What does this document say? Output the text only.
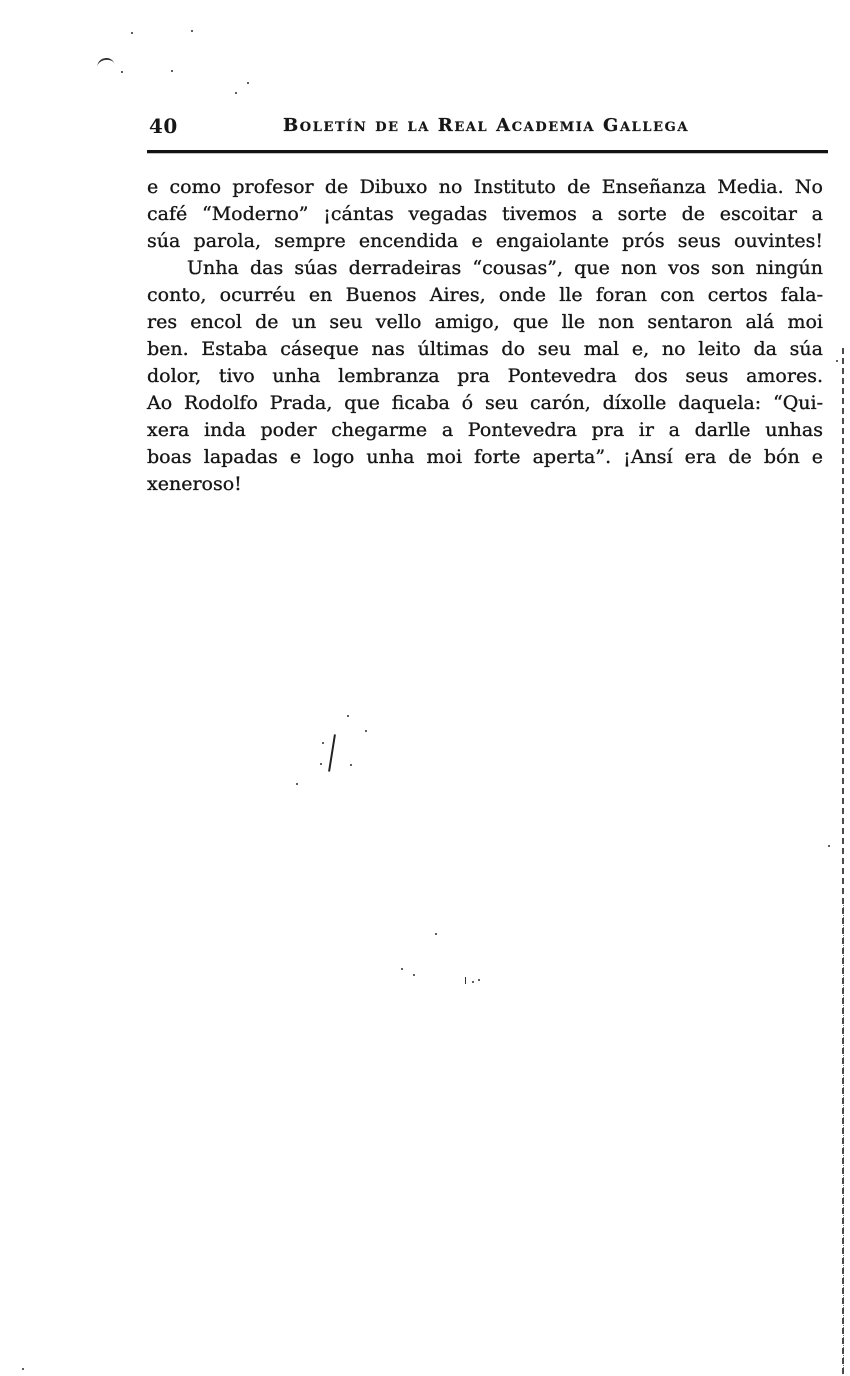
40	Boletín de la Real Academia Gallega
e como profesor de Dibuxo no Instituto de Enseñanza Media. No
café “Moderno” ¡cántas vegadas tivemos a sorte de escoitar a
súa parola, sempre encendida e engaiolante prós seus ouvintes!
Unha das súas derradeiras “cousas”, que non vos son ningún
conto, ocurréu en Buenos Aires, onde lle foran con certos fala-
res encol de un seu vello amigo, que lle non sentaron alá moi
ben. Estaba cáseque nas últimas do seu mal e, no leito da súa
dolor, tivo unha lembranza pra Pontevedra dos seus amores.
Ao Rodolfo Prada, que ficaba ó seu carón, díxolle daquela: “Qui-
xera inda poder chegarme a Pontevedra pra ir a darlle unhas
boas lapadas e logo unha moi forte aperta”. ¡Ansí era de bón e
xeneroso!
